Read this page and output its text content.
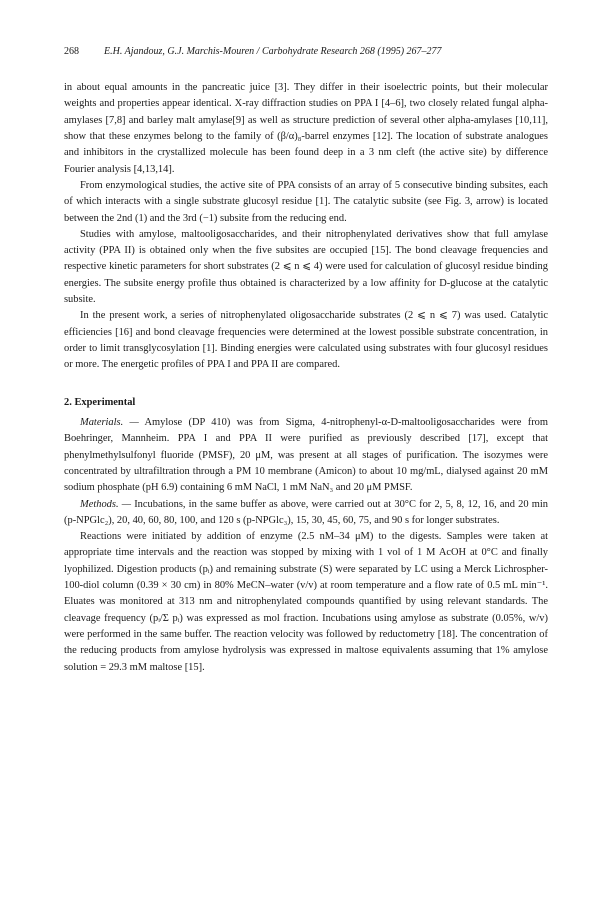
268	E.H. Ajandouz, G.J. Marchis-Mouren / Carbohydrate Research 268 (1995) 267–277

in about equal amounts in the pancreatic juice [3]. They differ in their isoelectric points, but their molecular weights and properties appear identical. X-ray diffraction studies on PPA I [4–6], two closely related fungal alpha-amylases [7,8] and barley malt amylase[9] as well as structure prediction of several other alpha-amylases [10,11], show that these enzymes belong to the family of (β/α)₈-barrel enzymes [12]. The location of substrate analogues and inhibitors in the crystallized molecule has been found deep in a 3 nm cleft (the active site) by difference Fourier analysis [4,13,14].

From enzymological studies, the active site of PPA consists of an array of 5 consecutive binding subsites, each of which interacts with a single substrate glucosyl residue [1]. The catalytic subsite (see Fig. 3, arrow) is located between the 2nd (1) and the 3rd (−1) subsite from the reducing end.

Studies with amylose, maltooligosaccharides, and their nitrophenylated derivatives show that full amylase activity (PPA II) is obtained only when the five subsites are occupied [15]. The bond cleavage frequencies and respective kinetic parameters for short substrates (2 ⩽ n ⩽ 4) were used for calculation of glucosyl residue binding energies. The subsite energy profile thus obtained is characterized by a low affinity for D-glucose at the catalytic subsite.

In the present work, a series of nitrophenylated oligosaccharide substrates (2 ⩽ n ⩽ 7) was used. Catalytic efficiencies [16] and bond cleavage frequencies were determined at the lowest possible substrate concentration, in order to limit transglycosylation [1]. Binding energies were calculated using substrates with four glucosyl residues or more. The energetic profiles of PPA I and PPA II are compared.

2. Experimental

Materials. — Amylose (DP 410) was from Sigma, 4-nitrophenyl-α-D-maltooligosaccharides were from Boehringer, Mannheim. PPA I and PPA II were purified as previously described [17], except that phenylmethylsulfonyl fluoride (PMSF), 20 μM, was present at all stages of purification. The isozymes were concentrated by ultrafiltration through a PM 10 membrane (Amicon) to about 10 mg/mL, dialysed against 20 mM sodium phosphate (pH 6.9) containing 6 mM NaCl, 1 mM NaN₃ and 20 μM PMSF.

Methods. — Incubations, in the same buffer as above, were carried out at 30°C for 2, 5, 8, 12, 16, and 20 min (p-NPGlc₂), 20, 40, 60, 80, 100, and 120 s (p-NPGlc₃), 15, 30, 45, 60, 75, and 90 s for longer substrates.

Reactions were initiated by addition of enzyme (2.5 nM–34 μM) to the digests. Samples were taken at appropriate time intervals and the reaction was stopped by mixing with 1 vol of 1 M AcOH at 0°C and finally lyophilized. Digestion products (pᵢ) and remaining substrate (S) were separated by LC using a Merck Lichrospher-100-diol column (0.39 × 30 cm) in 80% MeCN–water (v/v) at room temperature and a flow rate of 0.5 mL min⁻¹. Eluates was monitored at 313 nm and nitrophenylated compounds quantified by using relevant standards. The cleavage frequency (pᵢ/Σ pᵢ) was expressed as mol fraction. Incubations using amylose as substrate (0.05%, w/v) were performed in the same buffer. The reaction velocity was followed by reductometry [18]. The concentration of the reducing products from amylose hydrolysis was expressed in maltose equivalents assuming that 1% amylose solution = 29.3 mM maltose [15].
